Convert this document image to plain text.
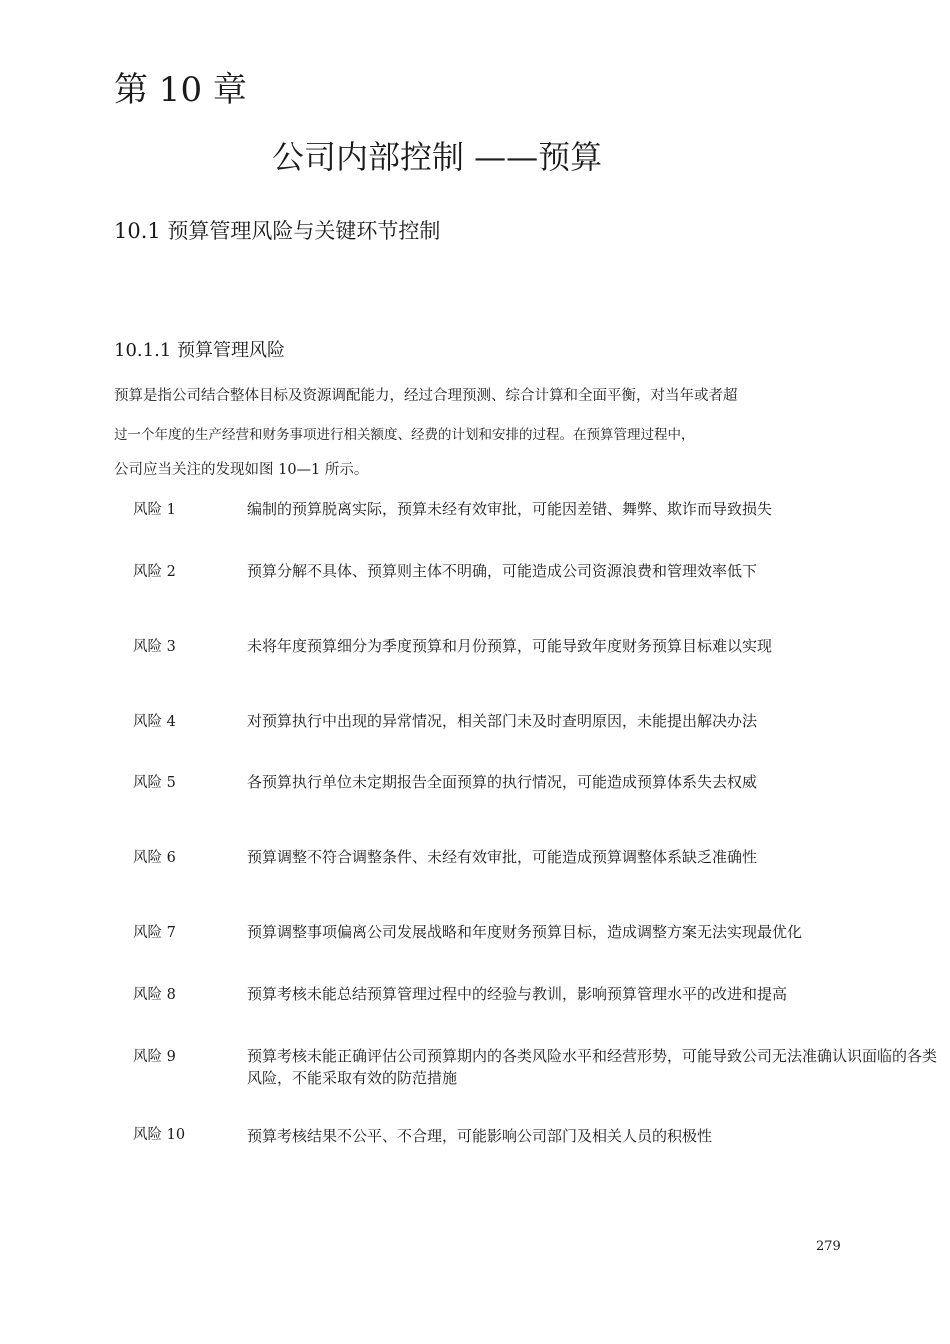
第 10 章
公司内部控制 ——预算
10.1 预算管理风险与关键环节控制
10.1.1 预算管理风险
预算是指公司结合整体目标及资源调配能力，经过合理预测、综合计算和全面平衡，对当年或者超
过一个年度的生产经营和财务事项进行相关额度、经费的计划和安排的过程。在预算管理过程中，
公司应当关注的发现如图 10—1 所示。
风险 1	编制的预算脱离实际，预算未经有效审批，可能因差错、舞弊、欺诈而导致损失
风险 2	预算分解不具体、预算则主体不明确，可能造成公司资源浪费和管理效率低下
风险 3	未将年度预算细分为季度预算和月份预算，可能导致年度财务预算目标难以实现
风险 4	对预算执行中出现的异常情况，相关部门未及时查明原因，未能提出解决办法
风险 5	各预算执行单位未定期报告全面预算的执行情况，可能造成预算体系失去权威
风险 6	预算调整不符合调整条件、未经有效审批，可能造成预算调整体系缺乏准确性
风险 7	预算调整事项偏离公司发展战略和年度财务预算目标，造成调整方案无法实现最优化
风险 8	预算考核未能总结预算管理过程中的经验与教训，影响预算管理水平的改进和提高
风险 9	预算考核未能正确评估公司预算期内的各类风险水平和经营形势，可能导致公司无法准确认识面临的各类风险，不能采取有效的防范措施
风险 10	预算考核结果不公平、不合理，可能影响公司部门及相关人员的积极性
279
